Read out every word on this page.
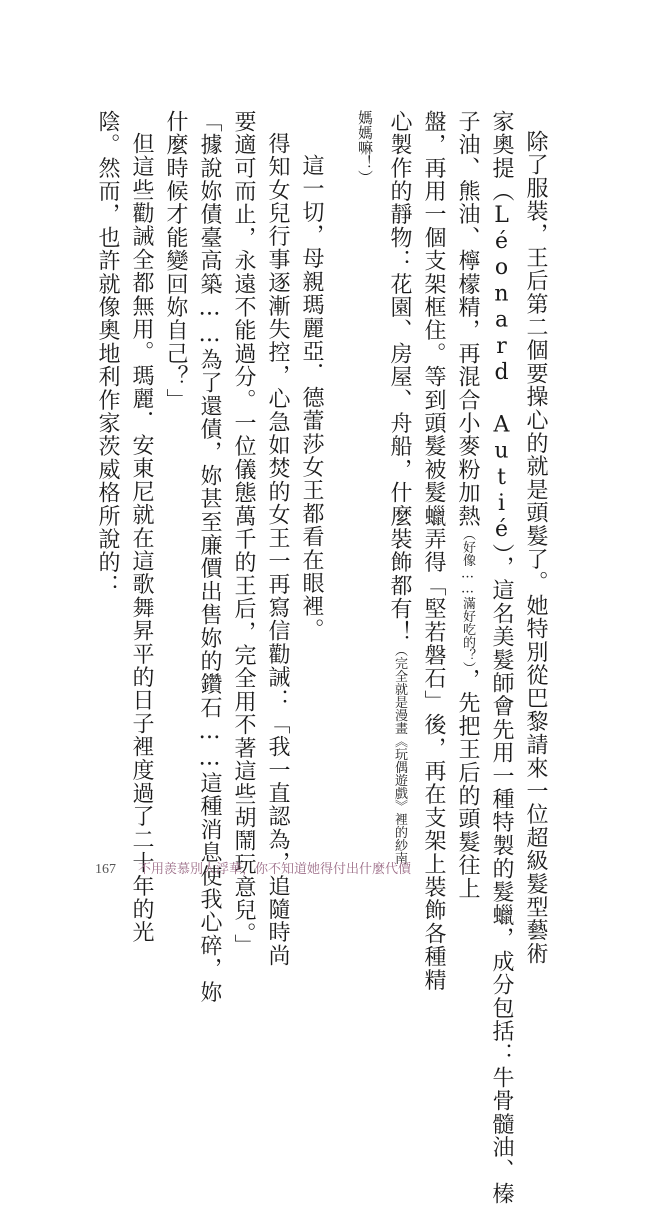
除了服裝，王后第二個要操心的就是頭髮了。她特別從巴黎請來一位超級髮型藝術
家奧提（Léonard Autié），這名美髮師會先用一種特製的髮蠟，成分包括：牛骨髓油、榛
子油、熊油、檸檬精，再混合小麥粉加熱（好像……滿好吃的？），先把王后的頭髮往上
盤，再用一個支架框住。等到頭髮被髮蠟弄得「堅若磐石」後，再在支架上裝飾各種精
心製作的靜物：花園、房屋、舟船，什麼裝飾都有！（完全就是漫畫《玩偶遊戲》裡的紗南
媽媽嘛！）
這一切，母親瑪麗亞．德蕾莎女王都看在眼裡。
得知女兒行事逐漸失控，心急如焚的女王一再寫信勸誡：「我一直認為，追隨時尚
要適可而止，永遠不能過分。一位儀態萬千的王后，完全用不著這些胡鬧玩意兒。」
「據說妳債臺高築……為了還債，妳甚至廉價出售妳的鑽石……這種消息使我心碎，妳
什麼時候才能變回妳自己？」
但這些勸誡全都無用。瑪麗．安東尼就在這歌舞昇平的日子裡度過了二十年的光
陰。然而，也許就像奧地利作家茨威格所說的：
167 不用羨慕別人浮華，你不知道她得付出什麼代價
